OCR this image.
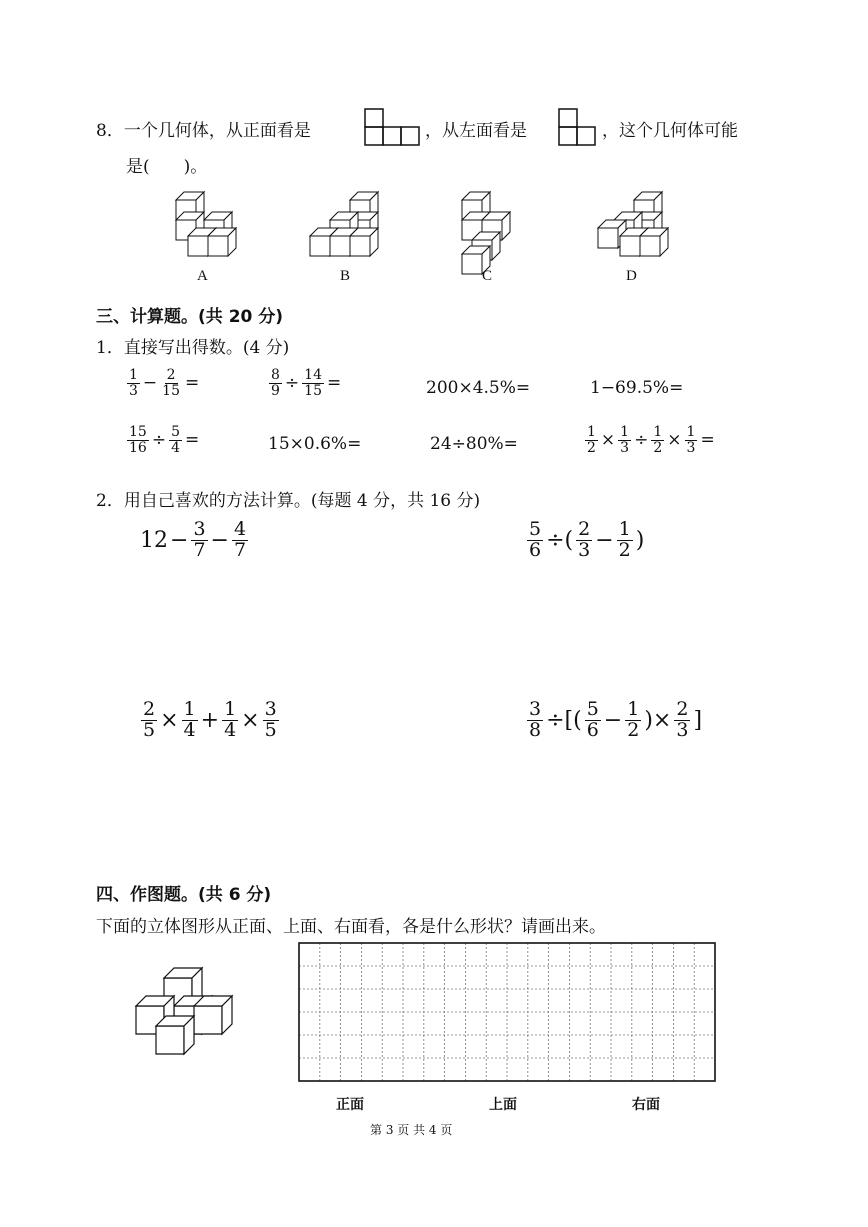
8． 一个几何体，从正面看是	，从左面看是	，这个几何体可能
是(　　)。
A	B	C	D
三、计算题。(共 20 分)
1．直接写出得数。(4 分)
$\frac{1}{3} - \frac{2}{15}$ =	$\frac{8}{9} \div \frac{14}{15}$ =	200×4.5%=	1−69.5%=
$\frac{15}{16} \div \frac{5}{4}$ =	15×0.6%=	24÷80%=	$\frac{1}{2} \times \frac{1}{3} \div \frac{1}{2} \times \frac{1}{3}$ =
2．用自己喜欢的方法计算。(每题 4 分，共 16 分)
$12 - \frac{3}{7} - \frac{4}{7}$	$\frac{5}{6}$ ÷( $\frac{2}{3} - \frac{1}{2}$ )
$\frac{2}{5} \times \frac{1}{4} + \frac{1}{4} \times \frac{3}{5}$	$\frac{3}{8}$ ÷[( $\frac{5}{6} - \frac{1}{2}$ )× $\frac{2}{3}$ ]
四、作图题。(共 6 分)
下面的立体图形从正面、上面、右面看，各是什么形状？请画出来。
正面	上面	右面
第 3 页 共 4 页
